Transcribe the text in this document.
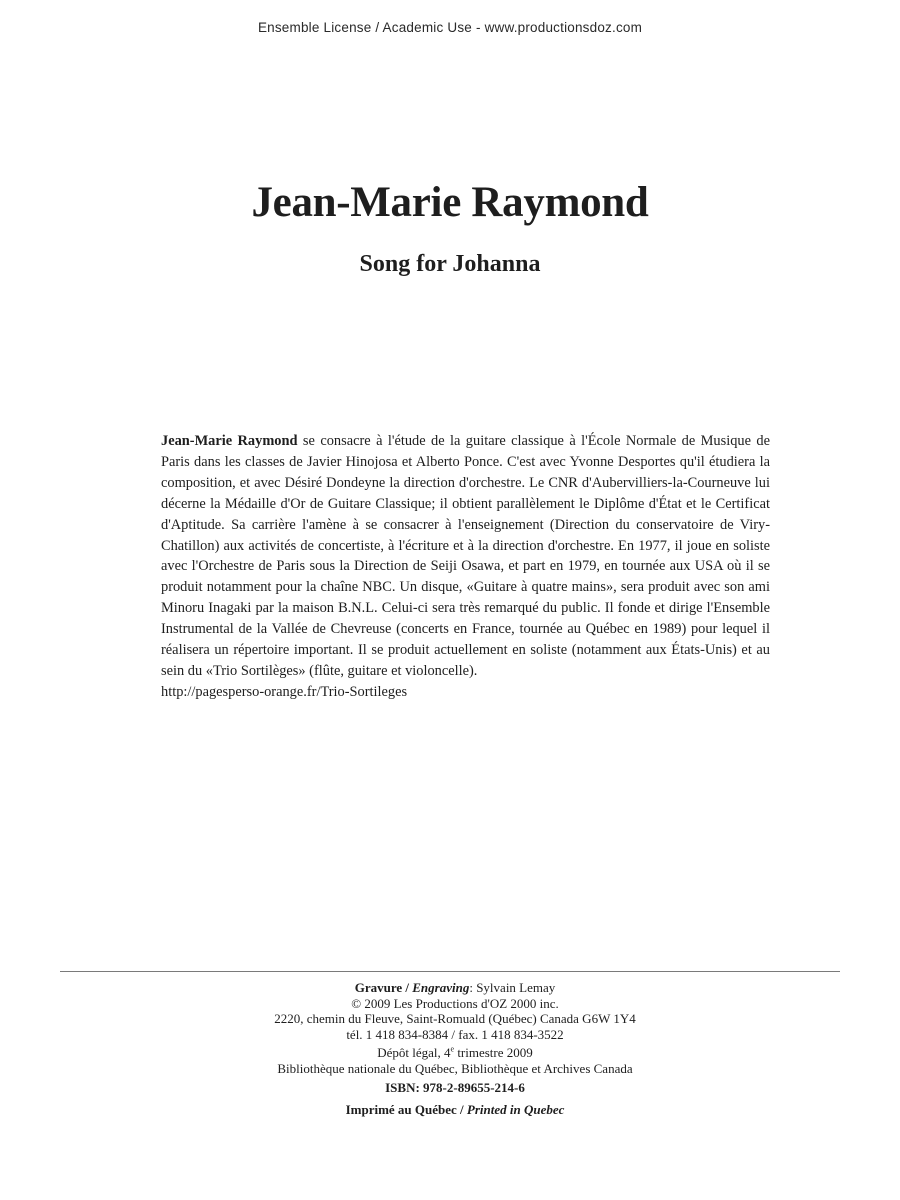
Ensemble License / Academic Use - www.productionsdoz.com
Jean-Marie Raymond
Song for Johanna
Jean-Marie Raymond se consacre à l'étude de la guitare classique à l'École Normale de Musique de Paris dans les classes de Javier Hinojosa et Alberto Ponce. C'est avec Yvonne Desportes qu'il étudiera la composition, et avec Désiré Dondeyne la direction d'orchestre. Le CNR d'Aubervilliers-la-Courneuve lui décerne la Médaille d'Or de Guitare Classique; il obtient parallèlement le Diplôme d'État et le Certificat d'Aptitude. Sa carrière l'amène à se consacrer à l'enseignement (Direction du conservatoire de Viry-Chatillon) aux activités de concertiste, à l'écriture et à la direction d'orchestre. En 1977, il joue en soliste avec l'Orchestre de Paris sous la Direction de Seiji Osawa, et part en 1979, en tournée aux USA où il se produit notamment pour la chaîne NBC. Un disque, «Guitare à quatre mains», sera produit avec son ami Minoru Inagaki par la maison B.N.L. Celui-ci sera très remarqué du public. Il fonde et dirige l'Ensemble Instrumental de la Vallée de Chevreuse (concerts en France, tournée au Québec en 1989) pour lequel il réalisera un répertoire important. Il se produit actuellement en soliste (notamment aux États-Unis) et au sein du «Trio Sortilèges» (flûte, guitare et violoncelle).
http://pagesperso-orange.fr/Trio-Sortileges
Gravure / Engraving: Sylvain Lemay
© 2009 Les Productions d'OZ 2000 inc.
2220, chemin du Fleuve, Saint-Romuald (Québec) Canada G6W 1Y4
tél. 1 418 834-8384 / fax. 1 418 834-3522
Dépôt légal, 4e trimestre 2009
Bibliothèque nationale du Québec, Bibliothèque et Archives Canada
ISBN: 978-2-89655-214-6
Imprimé au Québec / Printed in Quebec
